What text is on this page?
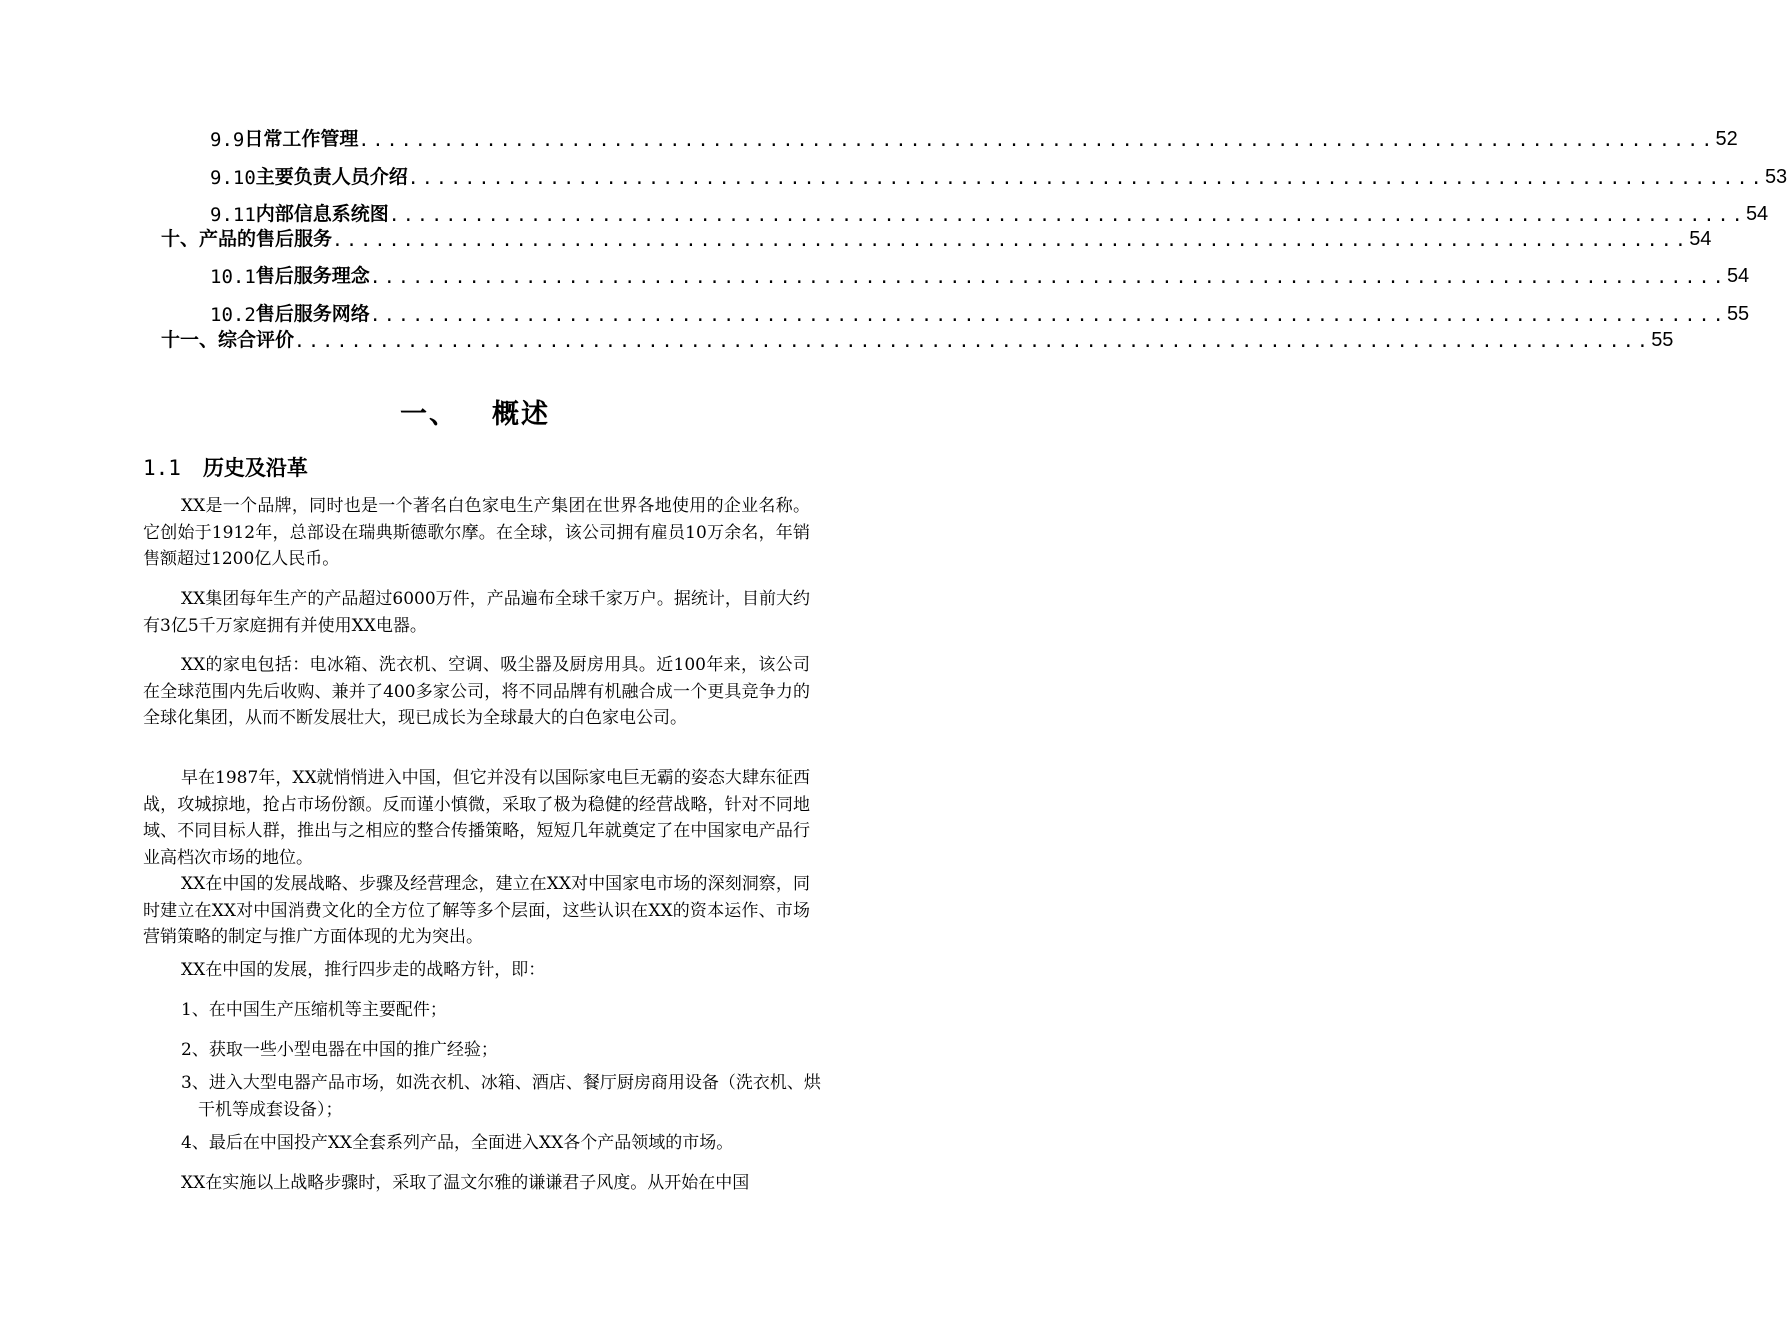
9.9 日常工作管理 ................................................................................................ 52
9.10 主要负责人员介绍 ................................................................................................ 53
9.11 内部信息系统图 ................................................................................................ 54
十、 产品的售后服务 ................................................................................................ 54
10.1 售后服务理念 ................................................................................................ 54
10.2 售后服务网络 ................................................................................................ 55
十一、 综合评价 ................................................................................................ 55
一、 概述
1.1 历史及沿革

XX是一个品牌，同时也是一个著名白色家电生产集团在世界各地使用的企业名称。它创始于1912年，总部设在瑞典斯德歌尔摩。在全球，该公司拥有雇员10万余名，年销售额超过1200亿人民币。

XX集团每年生产的产品超过6000万件，产品遍布全球千家万户。据统计，目前大约有3亿5千万家庭拥有并使用XX电器。

XX的家电包括：电冰箱、洗衣机、空调、吸尘器及厨房用具。近100年来，该公司在全球范围内先后收购、兼并了400多家公司，将不同品牌有机融合成一个更具竞争力的全球化集团，从而不断发展壮大，现已成长为全球最大的白色家电公司。

早在1987年，XX就悄悄进入中国，但它并没有以国际家电巨无霸的姿态大肆东征西战，攻城掠地，抢占市场份额。反而谨小慎微，采取了极为稳健的经营战略，针对不同地域、不同目标人群，推出与之相应的整合传播策略，短短几年就奠定了在中国家电产品行业高档次市场的地位。

XX在中国的发展战略、步骤及经营理念，建立在XX对中国家电市场的深刻洞察，同时建立在XX对中国消费文化的全方位了解等多个层面，这些认识在XX的资本运作、市场营销策略的制定与推广方面体现的尤为突出。

XX在中国的发展，推行四步走的战略方针，即：

1、在中国生产压缩机等主要配件；

2、获取一些小型电器在中国的推广经验；

3、进入大型电器产品市场，如洗衣机、冰箱、酒店、餐厅厨房商用设备（洗衣机、烘干机等成套设备）；

4、最后在中国投产XX全套系列产品，全面进入XX各个产品领域的市场。

XX在实施以上战略步骤时，采取了温文尔雅的谦谦君子风度。从开始在中国
